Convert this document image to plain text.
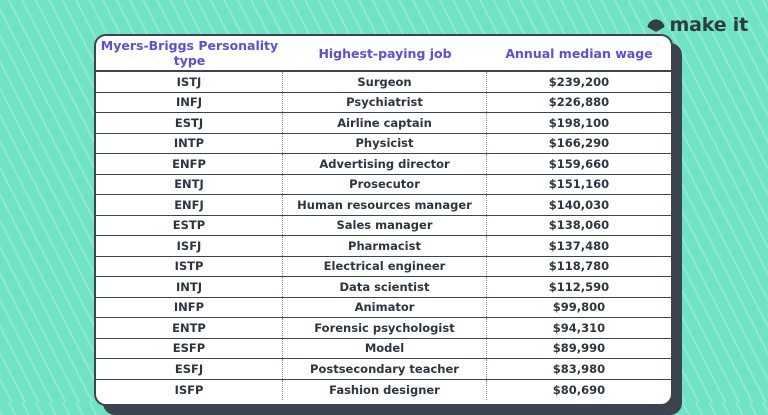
make it
Myers-Briggs Personality type	Highest-paying job	Annual median wage
ISTJ	Surgeon	$239,200
INFJ	Psychiatrist	$226,880
ESTJ	Airline captain	$198,100
INTP	Physicist	$166,290
ENFP	Advertising director	$159,660
ENTJ	Prosecutor	$151,160
ENFJ	Human resources manager	$140,030
ESTP	Sales manager	$138,060
ISFJ	Pharmacist	$137,480
ISTP	Electrical engineer	$118,780
INTJ	Data scientist	$112,590
INFP	Animator	$99,800
ENTP	Forensic psychologist	$94,310
ESFP	Model	$89,990
ESFJ	Postsecondary teacher	$83,980
ISFP	Fashion designer	$80,690
